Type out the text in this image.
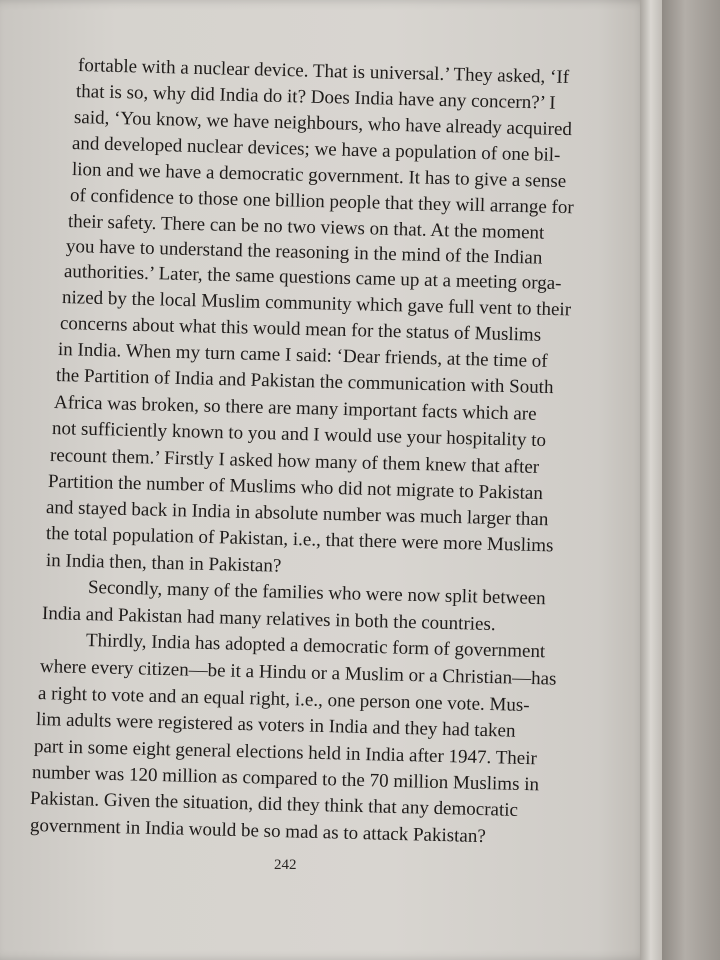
fortable with a nuclear device. That is universal.’ They asked, ‘If
that is so, why did India do it? Does India have any concern?’ I
said, ‘You know, we have neighbours, who have already acquired
and developed nuclear devices; we have a population of one bil-
lion and we have a democratic government. It has to give a sense
of confidence to those one billion people that they will arrange for
their safety. There can be no two views on that. At the moment
you have to understand the reasoning in the mind of the Indian
authorities.’ Later, the same questions came up at a meeting orga-
nized by the local Muslim community which gave full vent to their
concerns about what this would mean for the status of Muslims
in India. When my turn came I said: ‘Dear friends, at the time of
the Partition of India and Pakistan the communication with South
Africa was broken, so there are many important facts which are
not sufficiently known to you and I would use your hospitality to
recount them.’ Firstly I asked how many of them knew that after
Partition the number of Muslims who did not migrate to Pakistan
and stayed back in India in absolute number was much larger than
the total population of Pakistan, i.e., that there were more Muslims
in India then, than in Pakistan?
Secondly, many of the families who were now split between
India and Pakistan had many relatives in both the countries.
Thirdly, India has adopted a democratic form of government
where every citizen—be it a Hindu or a Muslim or a Christian—has
a right to vote and an equal right, i.e., one person one vote. Mus-
lim adults were registered as voters in India and they had taken
part in some eight general elections held in India after 1947. Their
number was 120 million as compared to the 70 million Muslims in
Pakistan. Given the situation, did they think that any democratic
government in India would be so mad as to attack Pakistan?
242
